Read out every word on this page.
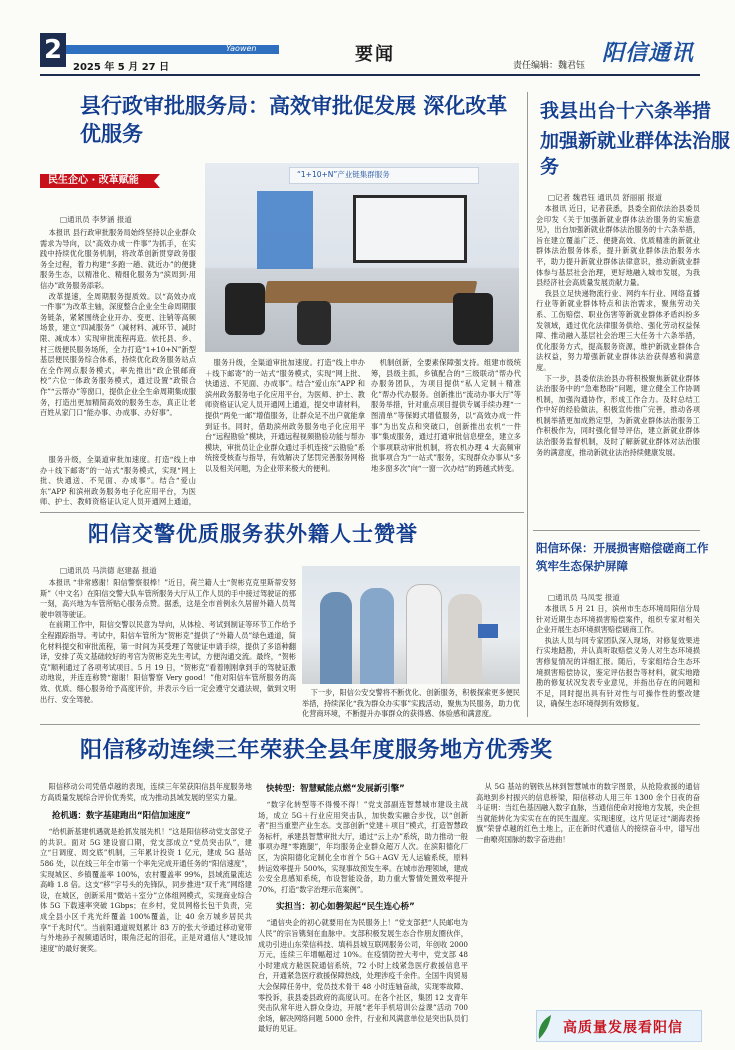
2	Yaowen
2025 年 5 月 27 日
要闻
责任编辑：魏君钰 阳信通讯
县行政审批服务局：高效审批促发展 深化改革优服务
民生企心 · 改革赋能
“1+10+N”产业链集群服务
□通讯员 李梦涵 报道

本报讯 县行政审批服务局始终坚持以企业群众需求为导向，以“高效办成一件事”为抓手，在实践中持续优化服务机制，将改革创新贯穿政务服务全过程，着力构建“多跑一趟、就近办”的便捷服务生态，以精准化、精细化服务为“滨周到·用信办”政务服务添彩。

改革提速，全周期服务提质效。以“高效办成一件事”为改革主轴，深度整合企业全生命周期服务链条，紧紧围绕企业开办、变更、注销等高频场景，建立“四减服务”（减材料、减环节、减时限、减成本）实现审批流程再造。依托县、乡、村三级便民服务场所，全力打造“1+10+N”新型基层便民服务综合体系，持续优化政务服务站点在全作网点服务模式，率先推出“政企银邮商校”六位一体政务服务模式，通过设置“政银合作”“云帮办”等窗口，提供企业全生命周期集成服务，打造出更加精简高效的服务生态，真正让老百姓从家门口“能办事、办成事、办好事”。

服务升级，全渠道审批加速度。打造“线上申办＋线下邮寄”的一站式“服务模式，实现“网上批、快通送、不见面、办成事”。结合“爱山东”APP 和滨州政务服务电子化应用平台，为医师、护士、教师资格证认定人员开通网上通道，

服务升级，全渠道审批加速度。打造“线上申办＋线下邮寄”的一站式“服务模式，实现“网上批、快通送、不见面、办成事”。结合“爱山东”APP 和滨州政务服务电子化应用平台，为医师、护士、教师资格证认定人员开通网上通道，提交申请材料，提供“两免一邮”增值服务，让群众足不出户就能拿到证书。同时，借助滨州政务服务电子化应用平台“远程勘验”模块，开通远程视频勘验功能与帮办模块，审批员让企业群众通过手机连接“云勘验”系统接受核查与指导，有效解决了惩罚完善服务网格以及相关问题，为企业带来极大的便利。

机制创新，全要素保障强支持。组建市级统筹，县级主抓，乡镇配合的“三级联动”帮办代办服务团队，为项目提供“私人定制＋精准化”帮办代办服务。创新推出“流动办事大厅”等服务举措，针对重点项目提供专属手续办理“一图清单”等保姆式增值服务，以“高效办成一件事”为出发点和突破口，创新推出农机“一件事”集成服务，通过打通审批信息壁垒，建立多个事项联动审批机制，将农机办理 4 大高频审批事项合为“一站式”服务，实现群众办事从“多地多窗多次”向“一窗一次办结”的跨越式转变。

我县出台十六条举措
加强新就业群体法治服务
□记者 魏君钰 通讯员 舒丽丽 报道

本报讯 近日，记者获悉，县委全面依法治县委员会印发《关于加强新就业群体法治服务的实施意见》，出台加强新就业群体法治服务的十六条举措，旨在建立覆盖广泛、便捷高效、优质精准的新就业群体法治服务体系，提升新就业群体法治服务水平，助力提升新就业群体法律意识，推动新就业群体参与基层社会治理，更好地融入城市发展，为我县经济社会高质量发展贡献力量。

我县立足快递物流行业、网约车行业、网络直播行业等新就业群体特点和法治需求，聚焦劳动关系、工伤赔偿、职业伤害等新就业群体矛盾纠纷多发领域，通过优化法律服务供给、强化劳动权益保障、推动融入基层社会治理三大任务十六条举措，优化服务方式，提高服务资源，维护新就业群体合法权益，努力增强新就业群体法治获得感和满意度。

下一步，县委依法治县办将积极聚焦新就业群体法治服务中的“急难愁盼”问题，建立健全工作协调机制，加强沟通协作，形成工作合力。及时总结工作中好的经验做法，积极宣传推广完善，推动各项机制举措更加成熟定型，为新就业群体法治服务工作积极作为，同时强化督导评估，建立新就业群体法治服务监督机制，及时了解新就业群体对法治服务的满意度，推动新就业法治持续健康发展。

阳信环保：开展损害赔偿磋商工作
筑牢生态保护屏障
□通讯员 马凤雯 报道

本报讯 5 月 21 日，滨州市生态环境局阳信分局针对近期生态环境损害赔偿案件，组织专家对相关企业开展生态环境损害赔偿磋商工作。

执法人员与同专家团队深入现场，对修复效果进行实地踏勘，并认真听取赔偿义务人对生态环境损害修复情况的详细汇报。随后，专家组结合生态环境损害赔偿协议，鉴定评估报告等材料，就实地踏勘的修复状况发表专业意见，并指出存在的问题和不足，同时提出具有针对性与可操作性的整改建议，确保生态环境得到有效修复。

阳信交警优质服务获外籍人士赞誉
□通讯员 马洪德 赵建磊 报道

本报讯 “非常感谢！阳信警察很棒！”近日，荷兰籍人士“贺彬克克里斯蒂安努斯”（中文名）在阳信交警大队车管所服务大厅从工作人员的手中接过驾驶证的那一刻，高兴地为车管所贴心服务点赞。据悉，这是全市首例永久居留外籍人员驾驶申领等驶证。

在前期工作中，阳信交警以民意为导向，从体检、考试到制证等环节工作给予全程跟踪指导。考试中，阳信车管所为“贺彬克”提供了“外籍人员”绿色通道，简化材料提交和审批流程，第一时间为其受理了驾驶证申请手续，提供了多语种翻译，安排了英文基础较好的考官为贺彬克先生考试，方便沟通交流。最终，“贺彬克”顺利通过了各项考试项目。5 月 19 日，“贺彬克”看着刚刚拿到手的驾驶证激动地说，并连连称赞“谢谢！阳信警察 Very good！”他对阳信车管所服务的高效、优质、细心服务给予高度评价，并表示今后一定会遵守交通法规，做到文明出行、安全驾驶。

下一步，阳信公安交警将不断优化、创新服务，积极探索更多便民举措，持续深化“我为群众办实事”实践活动，聚焦为民服务，助力优化营商环境，不断提升办事群众的获得感、体验感和满意度。

阳信移动连续三年荣获全县年度服务地方优秀奖

阳信移动公司凭借卓越的表现，连续三年荣获阳信县年度服务地方高质量发展综合评价优秀奖，成为推动县域发展的坚实力量。

抢机遇：数字基建跑出“阳信加速度”

“给机新基建机遇就是抢抓发展先机！”这是阳信移动党支部党子的共识。面对 5G 建设窗口期，党支部成立“党员突击队”，建立“日调度、周交底”机制，三年累计投资 1 亿元，建成 5G 基站 586 处，以在线三年全市第一个率先完成开通任务的“阳信速度”，实现城区、乡镇覆盖率 100%，农村覆盖率 99%，县域流量流达高峰 1.8 倍。这支“移”字号头的先锋队，同步推进“双千兆”网络建设，在城区，创新采用“微站＋室分”立体组网模式，实现商业综合体 5G 下载速率突破 1Gbps；在乡村，党员网格长包干负责，完成全县小区千兆光纤覆盖 100%覆盖，让 40 余万城乡居民共享“千兆时代”。当前阳通道规划累计 83 万的张大爷通过移动宽带与外地孙子视频通话时，眼角泛起的泪花，正是对通信人“建设加速度”的最好褒奖。

快转型：智慧赋能点燃“发展新引擎”

“数字化转型等不得慢不得！”党支部副连智慧城市建设主战场，成立 5G＋行业应用突击队，加快数实融合步伐，以“创新者”担当重塑产业生态。支部创新“党建＋项目”模式，打造智慧政务标杆，承建县智慧审批大厅，通过“云上办”系统，助力推动一般事项办理“零跑腿”，年均服务企业群众超万人次。在滨阳德化厂区，为滨阳德化定制化全市首个 5G＋AGV 无人运输系统，原料转运效率提升 500%，实现事故预发生率。在城市治理领域，建成公安全息感知系统，布设智能设备，助力重大警情处置效率提升 70%，打造“数字治理示范案例”。

实担当：初心如磐架起“民生连心桥”

“通信央企的初心就要用在为民服务上！”党支部把“人民邮电为人民”的宗旨镌刻在血脉中。支部积极发展生态合作朋友圈伙伴，成功引进山东荣信科技、填科县城互联网服务公司，年创收 2000 万元，连续三年增幅超过 10%。在疫情防控大考中，党支部 48 小时建成方舱医院通信系统，72 小时上线紧急医疗救援信息平台，开通紧急医疗救援保障热线，处理涉疫千余件。全国牛肉贸易大会保障任务中，党员技术骨干 48 小时连轴奋战，实现零故障、零投诉，获县委县政府的高度认可。在各个社区，集团 12 支青年突击队常年进入群众身边，开展“老年手机培训公益课”活动 700 余场，解决网络问题 5000 余件，行业和风满意单位是突出队员们最好的见证。

从 5G 基站的钢铁丛林到智慧城市的数字图景，从抢险救援的通信高地到乡村振兴的信息桥梁，阳信移动人用三年 1300 余个日夜的奋斗证明：当红色基因融入数字血脉，当通信使命对接地方发展，央企担当就能转化为实实在在的民生温度。实现速度，这片见证过“湖海表扬旗”荣誉卓越的红色土地上，正在新时代通信人的接续奋斗中，谱写出一曲嘹亮国脉的数字奋进曲！

高质量发展看阳信
